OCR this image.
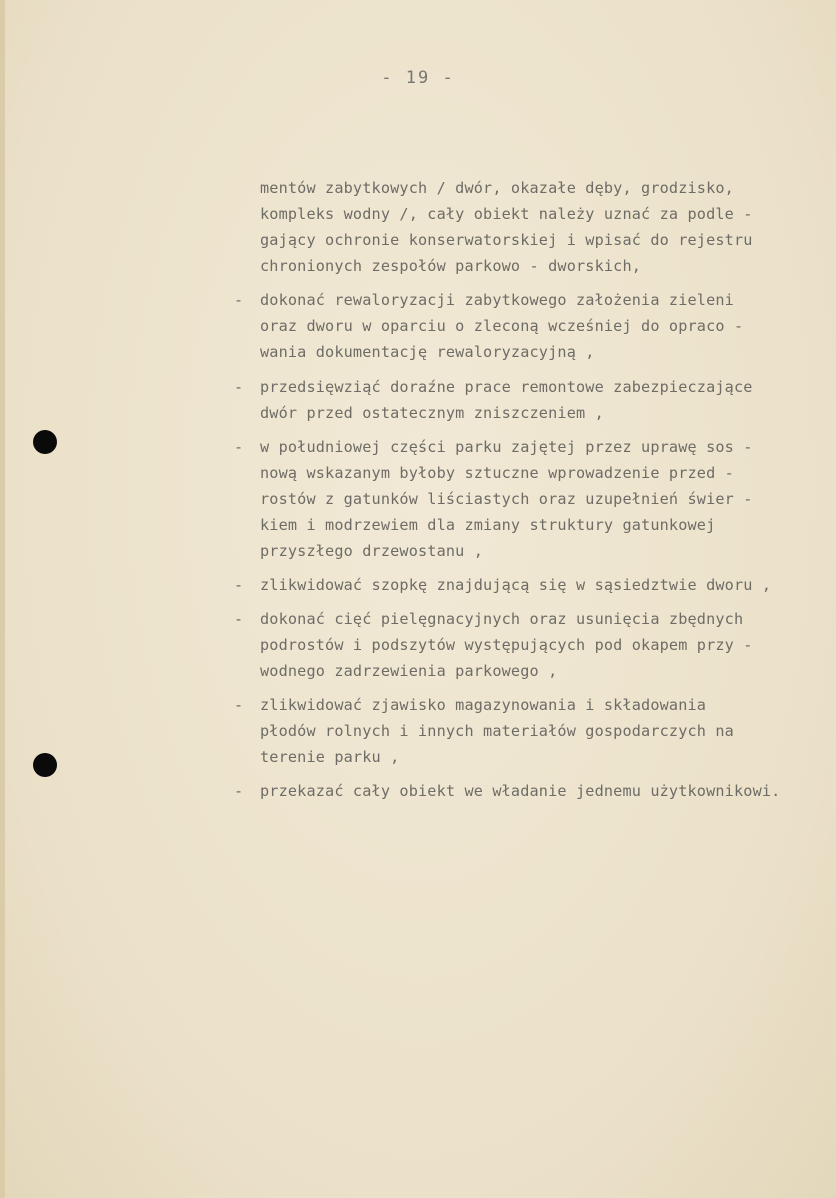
- 19 -
mentów zabytkowych / dwór, okazałe dęby, grodzisko,
kompleks wodny /, cały obiekt należy uznać za podle -
gający ochronie konserwatorskiej i wpisać do rejestru
chronionych zespołów parkowo - dworskich,
- dokonać rewaloryzacji zabytkowego założenia zieleni
oraz dworu w oparciu o zleconą wcześniej do opraco -
wania dokumentację rewaloryzacyjną ,
- przedsięwziąć doraźne prace remontowe zabezpieczające
dwór przed ostatecznym zniszczeniem ,
- w południowej części parku zajętej przez uprawę sos -
nową wskazanym byłoby sztuczne wprowadzenie przed -
rostów z gatunków liściastych oraz uzupełnień świer -
kiem i modrzewiem dla zmiany struktury gatunkowej
przyszłego drzewostanu ,
- zlikwidować szopkę znajdującą się w sąsiedztwie dworu ,
- dokonać cięć pielęgnacyjnych oraz usunięcia zbędnych
podrostów i podszytów występujących pod okapem przy -
wodnego zadrzewienia parkowego ,
- zlikwidować zjawisko magazynowania i składowania
płodów rolnych i innych materiałów gospodarczych na
terenie parku ,
- przekazać cały obiekt we władanie jednemu użytkownikowi.
